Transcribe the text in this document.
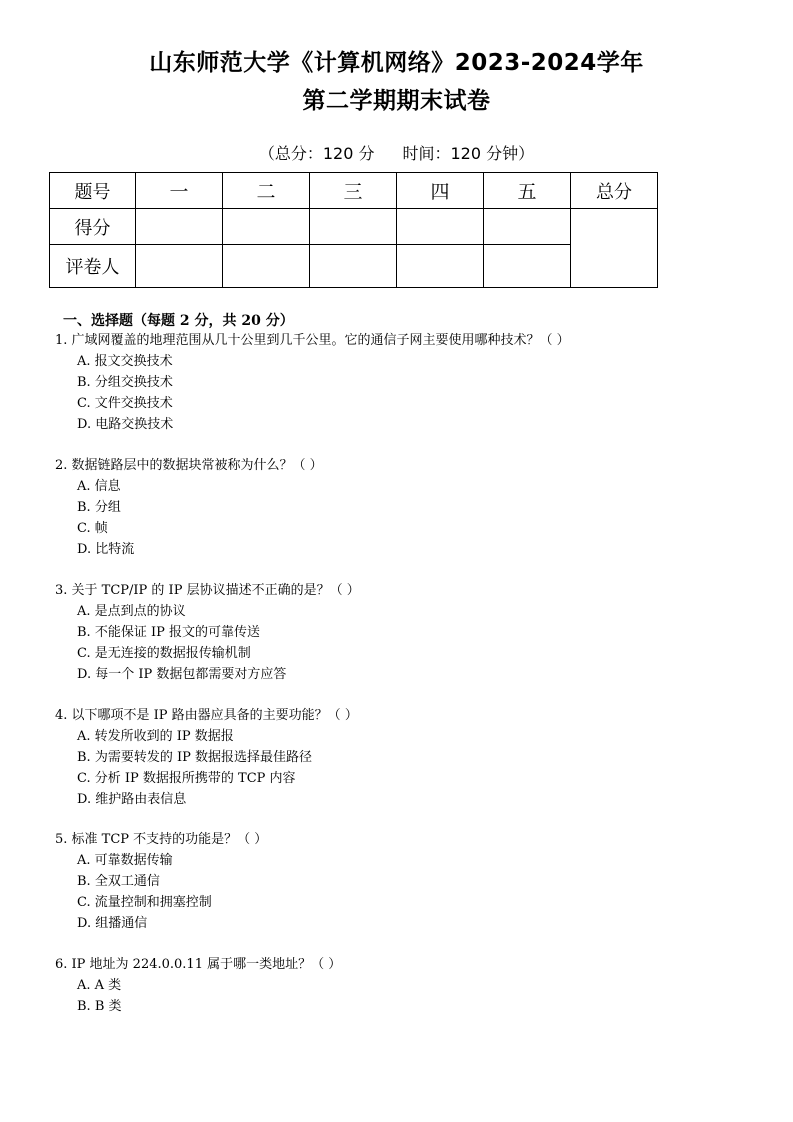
山东师范大学《计算机网络》2023-2024学年
第二学期期末试卷
（总分：120 分 时间：120 分钟）
题号	一	二	三	四	五	总分
得分						
评卷人						
一、选择题（每题 2 分，共 20 分）
1. 广域网覆盖的地理范围从几十公里到几千公里。它的通信子网主要使用哪种技术？（ ）
A. 报文交换技术
B. 分组交换技术
C. 文件交换技术
D. 电路交换技术
2. 数据链路层中的数据块常被称为什么？（ ）
A. 信息
B. 分组
C. 帧
D. 比特流
3. 关于 TCP/IP 的 IP 层协议描述不正确的是？（ ）
A. 是点到点的协议
B. 不能保证 IP 报文的可靠传送
C. 是无连接的数据报传输机制
D. 每一个 IP 数据包都需要对方应答
4. 以下哪项不是 IP 路由器应具备的主要功能？（ ）
A. 转发所收到的 IP 数据报
B. 为需要转发的 IP 数据报选择最佳路径
C. 分析 IP 数据报所携带的 TCP 内容
D. 维护路由表信息
5. 标准 TCP 不支持的功能是？（ ）
A. 可靠数据传输
B. 全双工通信
C. 流量控制和拥塞控制
D. 组播通信
6. IP 地址为 224.0.0.11 属于哪一类地址？（ ）
A. A 类
B. B 类
